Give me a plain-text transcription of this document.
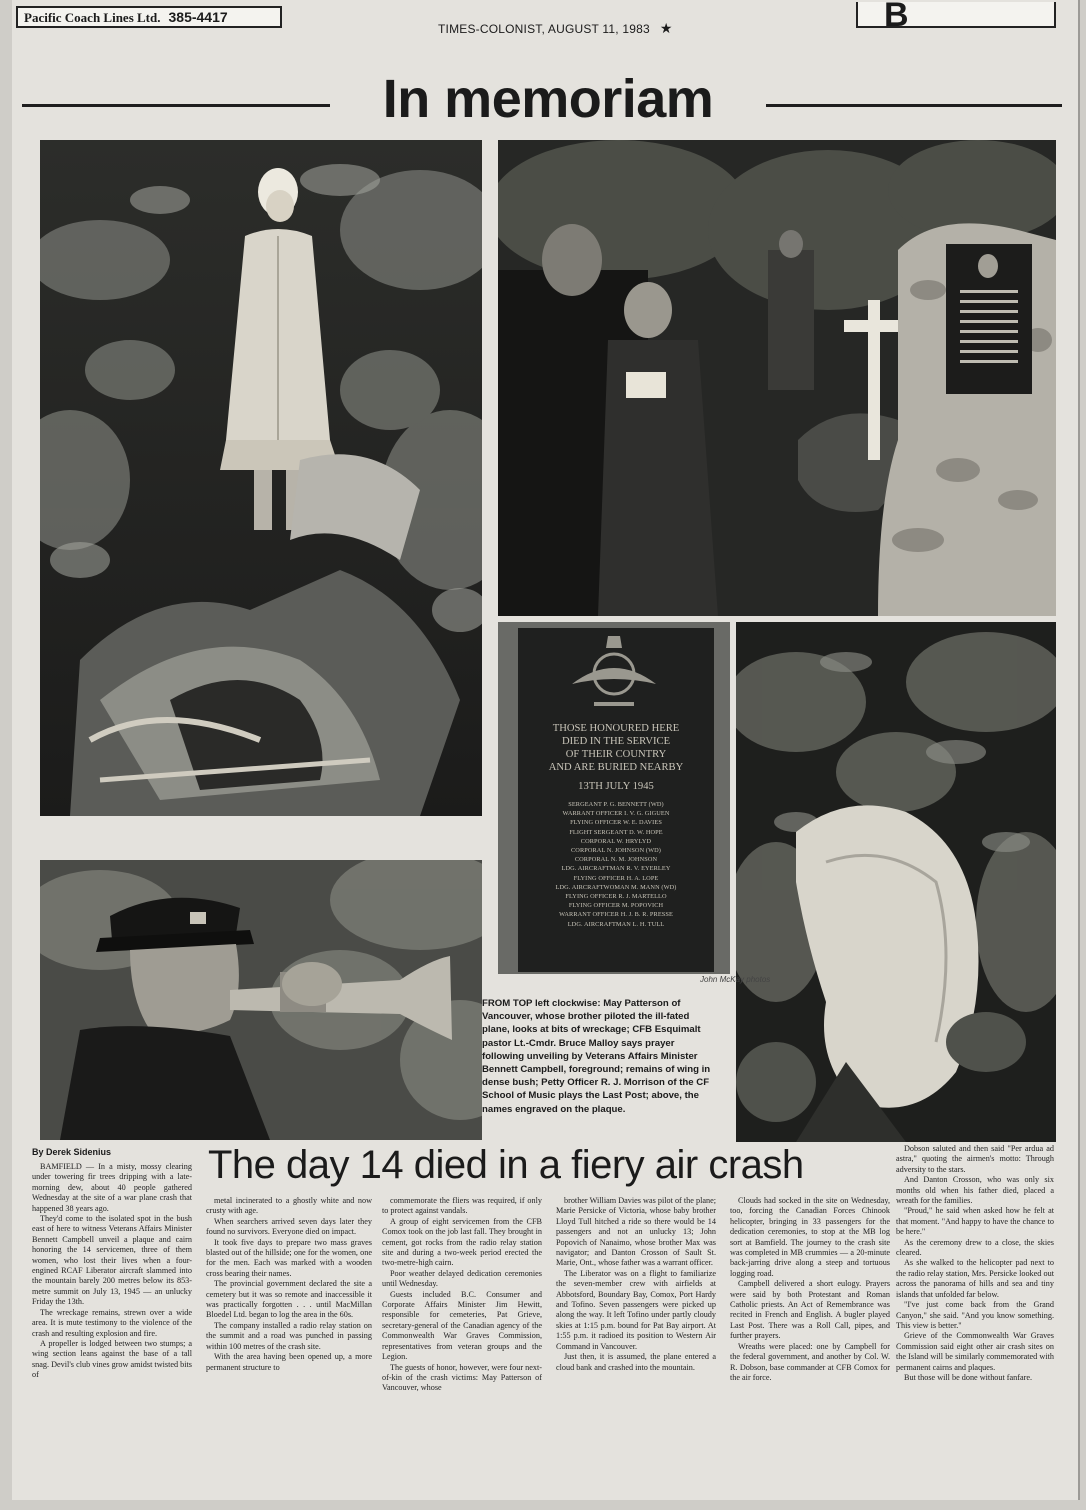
Pacific Coach Lines Ltd. 385-4417
TIMES-COLONIST, AUGUST 11, 1983 ★	B
In memoriam
THOSE HONOURED HERE
DIED IN THE SERVICE
OF THEIR COUNTRY
AND ARE BURIED NEARBY
13TH JULY 1945
SERGEANT P. G. BENNETT (WD)
WARRANT OFFICER I. V. G. GIGUEN
FLYING OFFICER W. E. DAVIES
FLIGHT SERGEANT D. W. HOPE
CORPORAL W. HRYLYD
CORPORAL N. JOHNSON (WD)
CORPORAL N. M. JOHNSON
LDG. AIRCRAFTMAN R. V. EYERLEY
FLYING OFFICER H. A. LOPE
LDG. AIRCRAFTWOMAN M. MANN (WD)
FLYING OFFICER R. J. MARTELLO
FLYING OFFICER M. POPOVICH
WARRANT OFFICER H. J. B. R. PRESSE
LDG. AIRCRAFTMAN L. H. TULL
John McKay photos
FROM TOP left clockwise: May Patterson of Vancouver, whose brother piloted the ill-fated plane, looks at bits of wreckage; CFB Esquimalt pastor Lt.-Cmdr. Bruce Malloy says prayer following unveiling by Veterans Affairs Minister Bennett Campbell, foreground; remains of wing in dense bush; Petty Officer R. J. Morrison of the CF School of Music plays the Last Post; above, the names engraved on the plaque.
By Derek Sidenius The day 14 died in a fiery air crash

BAMFIELD — In a misty, mossy clearing under towering fir trees dripping with a late-morning dew, about 40 people gathered Wednesday at the site of a war plane crash that happened 38 years ago.

They'd come to the isolated spot in the bush east of here to witness Veterans Affairs Minister Bennett Campbell unveil a plaque and cairn honoring the 14 servicemen, three of them women, who lost their lives when a four-engined RCAF Liberator aircraft slammed into the mountain barely 200 metres below its 853-metre summit on July 13, 1945 — an unlucky Friday the 13th.

The wreckage remains, strewn over a wide area. It is mute testimony to the violence of the crash and resulting explosion and fire.

A propeller is lodged between two stumps; a wing section leans against the base of a tall snag. Devil's club vines grow amidst twisted bits of

metal incinerated to a ghostly white and now crusty with age.

When searchers arrived seven days later they found no survivors. Everyone died on impact.

It took five days to prepare two mass graves blasted out of the hillside; one for the women, one for the men. Each was marked with a wooden cross bearing their names.

The provincial government declared the site a cemetery but it was so remote and inaccessible it was practically forgotten . . . until MacMillan Bloedel Ltd. began to log the area in the 60s.

The company installed a radio relay station on the summit and a road was punched in passing within 100 metres of the crash site.

With the area having been opened up, a more permanent structure to

commemorate the fliers was required, if only to protect against vandals.

A group of eight servicemen from the CFB Comox took on the job last fall. They brought in cement, got rocks from the radio relay station site and during a two-week period erected the two-metre-high cairn.

Poor weather delayed dedication ceremonies until Wednesday.

Guests included B.C. Consumer and Corporate Affairs Minister Jim Hewitt, responsible for cemeteries, Pat Grieve, secretary-general of the Canadian agency of the Commonwealth War Graves Commission, representatives from veteran groups and the Legion.

The guests of honor, however, were four next-of-kin of the crash victims: May Patterson of Vancouver, whose

brother William Davies was pilot of the plane; Marie Persicke of Victoria, whose baby brother Lloyd Tull hitched a ride so there would be 14 passengers and not an unlucky 13; John Popovich of Nanaimo, whose brother Max was navigator; and Danton Crosson of Sault St. Marie, Ont., whose father was a warrant officer.

The Liberator was on a flight to familiarize the seven-member crew with airfields at Abbotsford, Boundary Bay, Comox, Port Hardy and Tofino. Seven passengers were picked up along the way. It left Tofino under partly cloudy skies at 1:15 p.m. bound for Pat Bay airport. At 1:55 p.m. it radioed its position to Western Air Command in Vancouver.

Just then, it is assumed, the plane entered a cloud bank and crashed into the mountain.

Clouds had socked in the site on Wednesday, too, forcing the Canadian Forces Chinook helicopter, bringing in 33 passengers for the dedication ceremonies, to stop at the MB log sort at Bamfield. The journey to the crash site was completed in MB crummies — a 20-minute back-jarring drive along a steep and tortuous logging road.

Campbell delivered a short eulogy. Prayers were said by both Protestant and Roman Catholic priests. An Act of Remembrance was recited in French and English. A bugler played Last Post. There was a Roll Call, pipes, and further prayers.

Wreaths were placed: one by Campbell for the federal government, and another by Col. W. R. Dobson, base commander at CFB Comox for the air force.

Dobson saluted and then said "Per ardua ad astra," quoting the airmen's motto: Through adversity to the stars.

And Danton Crosson, who was only six months old when his father died, placed a wreath for the families.

"Proud," he said when asked how he felt at that moment. "And happy to have the chance to be here."

As the ceremony drew to a close, the skies cleared.

As she walked to the helicopter pad next to the radio relay station, Mrs. Persicke looked out across the panorama of hills and sea and tiny islands that unfolded far below.

"I've just come back from the Grand Canyon," she said. "And you know something. This view is better."

Grieve of the Commonwealth War Graves Commission said eight other air crash sites on the Island will be similarly commemorated with permanent cairns and plaques.

But those will be done without fanfare.
